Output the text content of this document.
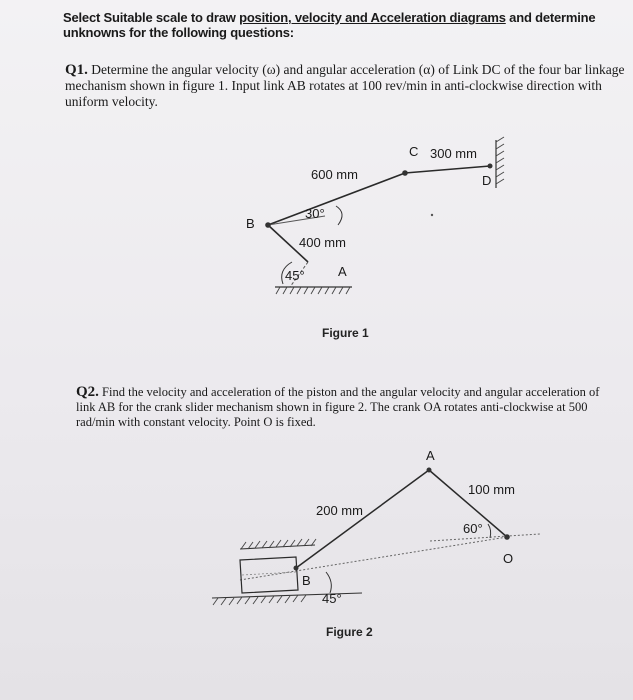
Select Suitable scale to draw position, velocity and Acceleration diagrams and determine unknowns for the following questions:
Q1. Determine the angular velocity (ω) and angular acceleration (α) of Link DC of the four bar linkage mechanism shown in figure 1. Input link AB rotates at 100 rev/min in anti-clockwise direction with uniform velocity.
Q2. Find the velocity and acceleration of the piston and the angular velocity and angular acceleration of link AB for the crank slider mechanism shown in figure 2. The crank OA rotates anti-clockwise at 500 rad/min with constant velocity. Point O is fixed.
B
A
C
D
600 mm
300 mm
400 mm
30°
45°
Figure 1
A
B
O
200 mm
100 mm
60°
45°
Figure 2
